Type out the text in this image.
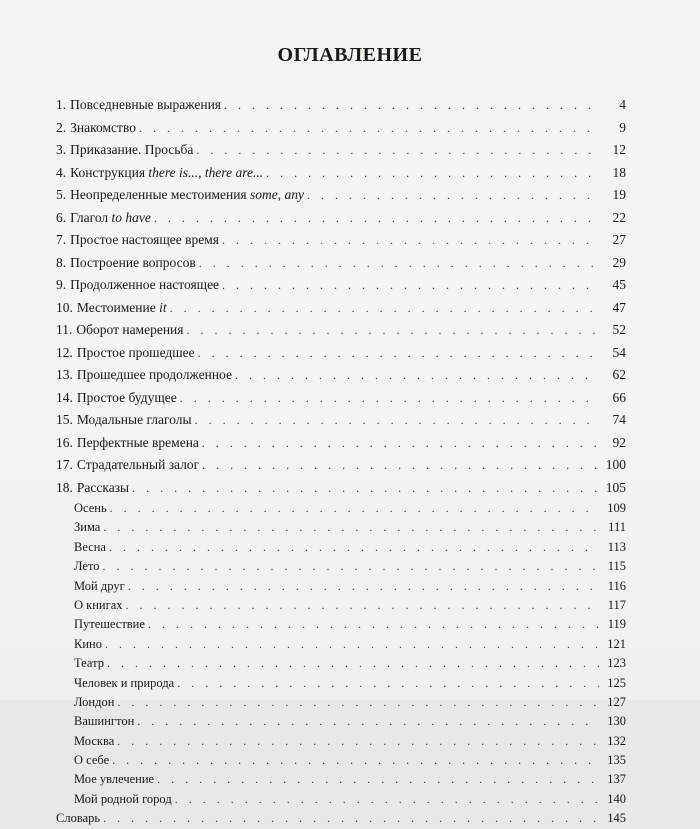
ОГЛАВЛЕНИЕ
1. Повседневные выражения . . .	4
2. Знакомство . . .	9
3. Приказание. Просьба . . .	12
4. Конструкция there is..., there are... . . .	18
5. Неопределенные местоимения some, any . . .	19
6. Глагол to have . . .	22
7. Простое настоящее время . . .	27
8. Построение вопросов . . .	29
9. Продолженное настоящее . . .	45
10. Местоимение it . . .	47
11. Оборот намерения . . .	52
12. Простое прошедшее . . .	54
13. Прошедшее продолженное . . .	62
14. Простое будущее . . .	66
15. Модальные глаголы . . .	74
16. Перфектные времена . . .	92
17. Страдательный залог . . .	100
18. Рассказы . . .	105
Осень . . .	109
Зима . . .	111
Весна . . .	113
Лето . . .	115
Мой друг . . .	116
О книгах . . .	117
Путешествие . . .	119
Кино . . .	121
Театр . . .	123
Человек и природа . . .	125
Лондон . . .	127
Вашингтон . . .	130
Москва . . .	132
О себе . . .	135
Мое увлечение . . .	137
Мой родной город . . .	140
Словарь . . .	145
